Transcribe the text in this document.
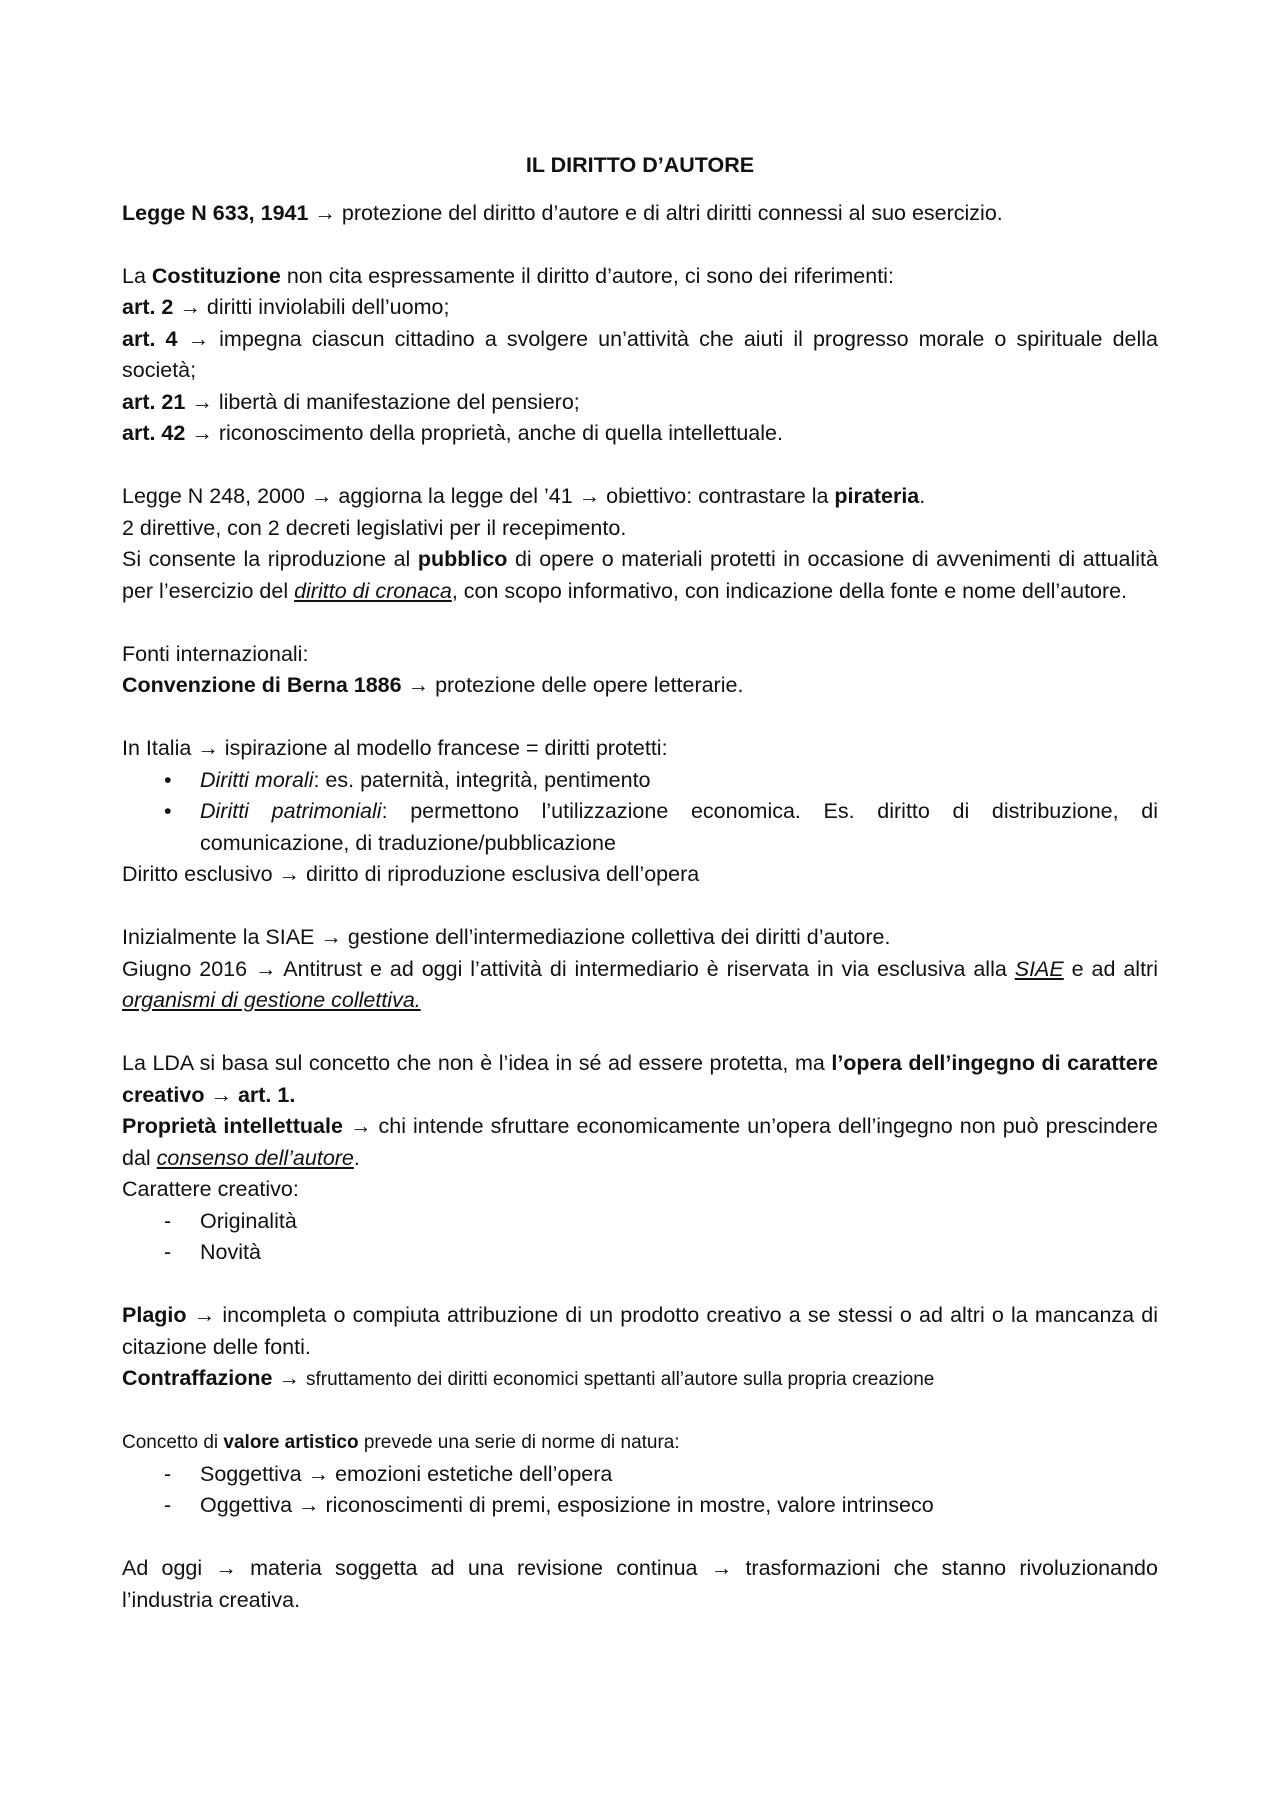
IL DIRITTO D’AUTORE

Legge N 633, 1941 → protezione del diritto d’autore e di altri diritti connessi al suo esercizio.

La Costituzione non cita espressamente il diritto d’autore, ci sono dei riferimenti:

art. 2 → diritti inviolabili dell’uomo;

art. 4 → impegna ciascun cittadino a svolgere un’attività che aiuti il progresso morale o spirituale della società;

art. 21 → libertà di manifestazione del pensiero;

art. 42 → riconoscimento della proprietà, anche di quella intellettuale.

Legge N 248, 2000 → aggiorna la legge del ’41 → obiettivo: contrastare la pirateria.

2 direttive, con 2 decreti legislativi per il recepimento.

Si consente la riproduzione al pubblico di opere o materiali protetti in occasione di avvenimenti di attualità per l’esercizio del diritto di cronaca, con scopo informativo, con indicazione della fonte e nome dell’autore.

Fonti internazionali:

Convenzione di Berna 1886 → protezione delle opere letterarie.

In Italia → ispirazione al modello francese = diritti protetti:

• Diritti morali: es. paternità, integrità, pentimento
• Diritti patrimoniali: permettono l’utilizzazione economica. Es. diritto di distribuzione, di comunicazione, di traduzione/pubblicazione

Diritto esclusivo → diritto di riproduzione esclusiva dell’opera

Inizialmente la SIAE → gestione dell’intermediazione collettiva dei diritti d’autore.

Giugno 2016 → Antitrust e ad oggi l’attività di intermediario è riservata in via esclusiva alla SIAE e ad altri organismi di gestione collettiva.

La LDA si basa sul concetto che non è l’idea in sé ad essere protetta, ma l’opera dell’ingegno di carattere creativo → art. 1.

Proprietà intellettuale → chi intende sfruttare economicamente un’opera dell’ingegno non può prescindere dal consenso dell’autore.

Carattere creativo:

- Originalità
- Novità

Plagio → incompleta o compiuta attribuzione di un prodotto creativo a se stessi o ad altri o la mancanza di citazione delle fonti.

Contraffazione → sfruttamento dei diritti economici spettanti all’autore sulla propria creazione

Concetto di valore artistico prevede una serie di norme di natura:

- Soggettiva → emozioni estetiche dell’opera
- Oggettiva → riconoscimenti di premi, esposizione in mostre, valore intrinseco

Ad oggi → materia soggetta ad una revisione continua → trasformazioni che stanno rivoluzionando l’industria creativa.
